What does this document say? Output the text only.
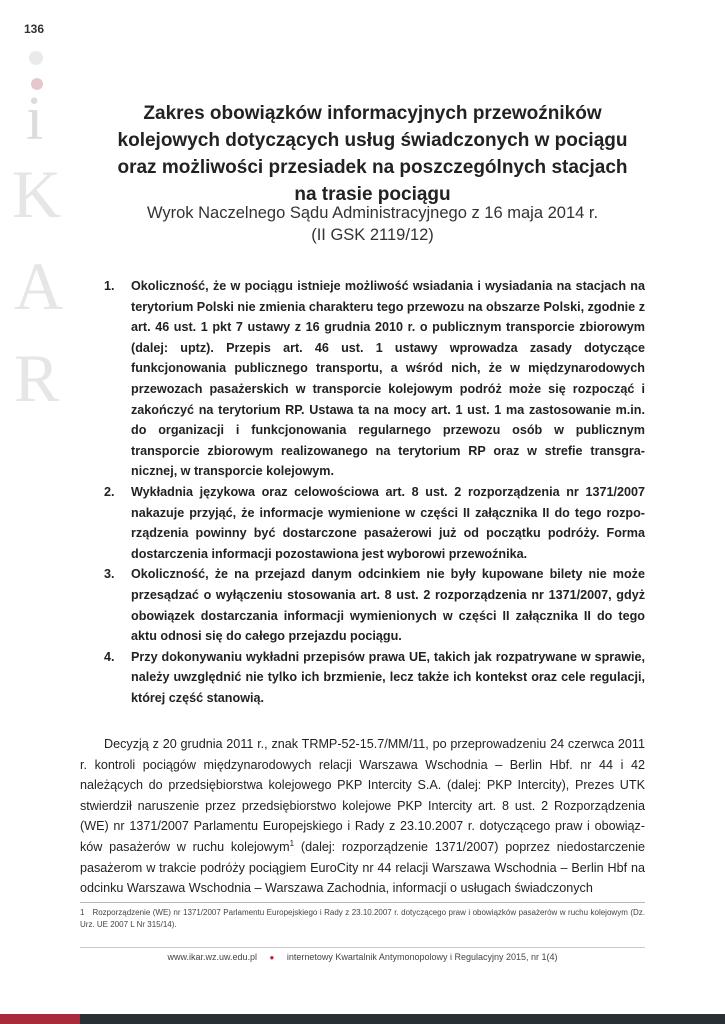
136
i
K
A
R
Zakres obowiązków informacyjnych przewoźników
kolejowych dotyczących usług świadczonych w pociągu
oraz możliwości przesiadek na poszczególnych stacjach
na trasie pociągu
Wyrok Naczelnego Sądu Administracyjnego z 16 maja 2014 r.
(II GSK 2119/12)
1.	Okoliczność, że w pociągu istnieje możliwość wsiadania i wysiadania na stacjach na terytorium Polski nie zmienia charakteru tego przewozu na obszarze Polski, zgodnie z art. 46 ust. 1 pkt 7 ustawy z 16 grudnia 2010 r. o publicznym transporcie zbiorowym (dalej: uptz). Przepis art. 46 ust. 1 ustawy wprowadza zasady dotyczące funkcjonowania publicznego transportu, a wśród nich, że w międzynarodowych przewozach pasażerskich w transporcie kolejowym podróż może się rozpocząć i zakończyć na terytorium RP. Ustawa ta na mocy art. 1 ust. 1 ma zastosowanie m.in. do organizacji i funkcjonowania regularnego przewozu osób w publicznym transporcie zbiorowym realizowanego na terytorium RP oraz w strefie transgranicznej, w transporcie kolejowym.
2.	Wykładnia językowa oraz celowościowa art. 8 ust. 2 rozporządzenia nr 1371/2007 nakazuje przyjąć, że informacje wymienione w części II załącznika II do tego rozporządzenia powinny być dostarczone pasażerowi już od początku podróży. Forma dostarczenia informacji pozostawiona jest wyborowi przewoźnika.
3.	Okoliczność, że na przejazd danym odcinkiem nie były kupowane bilety nie może przesądzać o wyłączeniu stosowania art. 8 ust. 2 rozporządzenia nr 1371/2007, gdyż obowiązek dostarczania informacji wymienionych w części II załącznika II do tego aktu odnosi się do całego przejazdu pociągu.
4.	Przy dokonywaniu wykładni przepisów prawa UE, takich jak rozpatrywane w sprawie, należy uwzględnić nie tylko ich brzmienie, lecz także ich kontekst oraz cele regulacji, której część stanowią.
Decyzją z 20 grudnia 2011 r., znak TRMP-52-15.7/MM/11, po przeprowadzeniu 24 czerwca 2011 r. kontroli pociągów międzynarodowych relacji Warszawa Wschodnia – Berlin Hbf. nr 44 i 42 należących do przedsiębiorstwa kolejowego PKP Intercity S.A. (dalej: PKP Intercity), Prezes UTK stwierdził naruszenie przez przedsiębiorstwo kolejowe PKP Intercity art. 8 ust. 2 Rozporządzenia (WE) nr 1371/2007 Parlamentu Europejskiego i Rady z 23.10.2007 r. dotyczącego praw i obowiązków pasażerów w ruchu kolejowym$^1$ (dalej: rozporządzenie 1371/2007) poprzez niedostarczenie pasażerom w trakcie podróży pociągiem EuroCity nr 44 relacji Warszawa Wschodnia – Berlin Hbf na odcinku Warszawa Wschodnia – Warszawa Zachodnia, informacji o usługach świadczonych
1 Rozporządzenie (WE) nr 1371/2007 Parlamentu Europejskiego i Rady z 23.10.2007 r. dotyczącego praw i obowiązków pasażerów w ruchu kolejowym (Dz. Urz. UE 2007 L Nr 315/14).
www.ikar.wz.uw.edu.pl ● internetowy Kwartalnik Antymonopolowy i Regulacyjny 2015, nr 1(4)
